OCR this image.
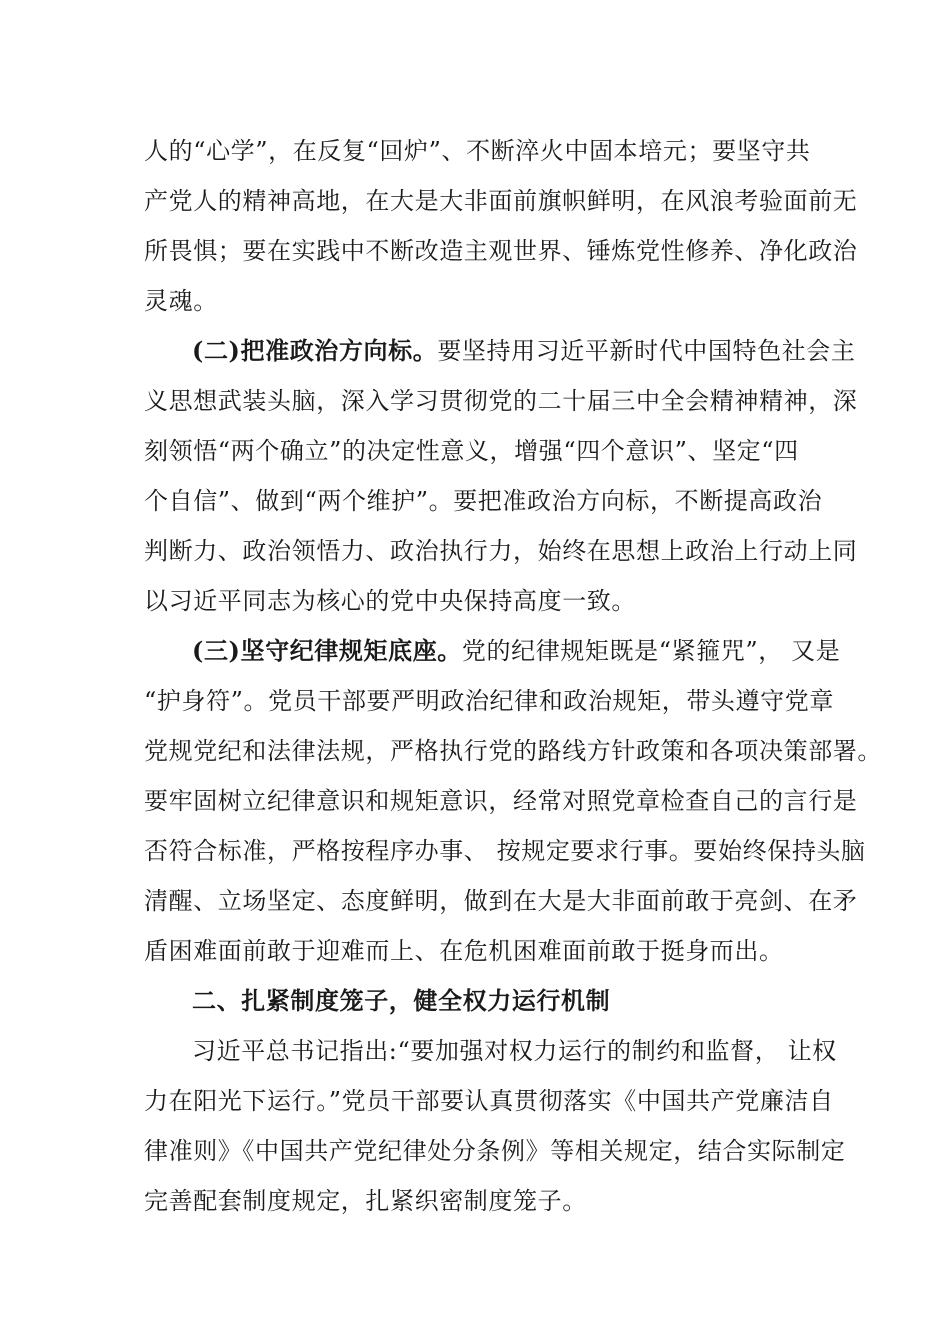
人的“心学”，在反复“回炉”、不断淬火中固本培元；要坚守共
产党人的精神高地，在大是大非面前旗帜鲜明，在风浪考验面前无
所畏惧；要在实践中不断改造主观世界、锤炼党性修养、净化政治
灵魂。
(二)把准政治方向标。要坚持用习近平新时代中国特色社会主
义思想武装头脑，深入学习贯彻党的二十届三中全会精神精神，深
刻领悟“两个确立”的决定性意义，增强“四个意识”、坚定“四
个自信”、做到“两个维护”。要把准政治方向标，不断提高政治
判断力、政治领悟力、政治执行力，始终在思想上政治上行动上同
以习近平同志为核心的党中央保持高度一致。
(三)坚守纪律规矩底座。党的纪律规矩既是“紧箍咒”， 又是
“护身符”。党员干部要严明政治纪律和政治规矩，带头遵守党章
党规党纪和法律法规，严格执行党的路线方针政策和各项决策部署。
要牢固树立纪律意识和规矩意识，经常对照党章检查自己的言行是
否符合标准，严格按程序办事、 按规定要求行事。要始终保持头脑
清醒、立场坚定、态度鲜明，做到在大是大非面前敢于亮剑、在矛
盾困难面前敢于迎难而上、在危机困难面前敢于挺身而出。
二、扎紧制度笼子，健全权力运行机制
习近平总书记指出:“要加强对权力运行的制约和监督， 让权
力在阳光下运行。”党员干部要认真贯彻落实《中国共产党廉洁自
律准则》《中国共产党纪律处分条例》等相关规定，结合实际制定
完善配套制度规定，扎紧织密制度笼子。
